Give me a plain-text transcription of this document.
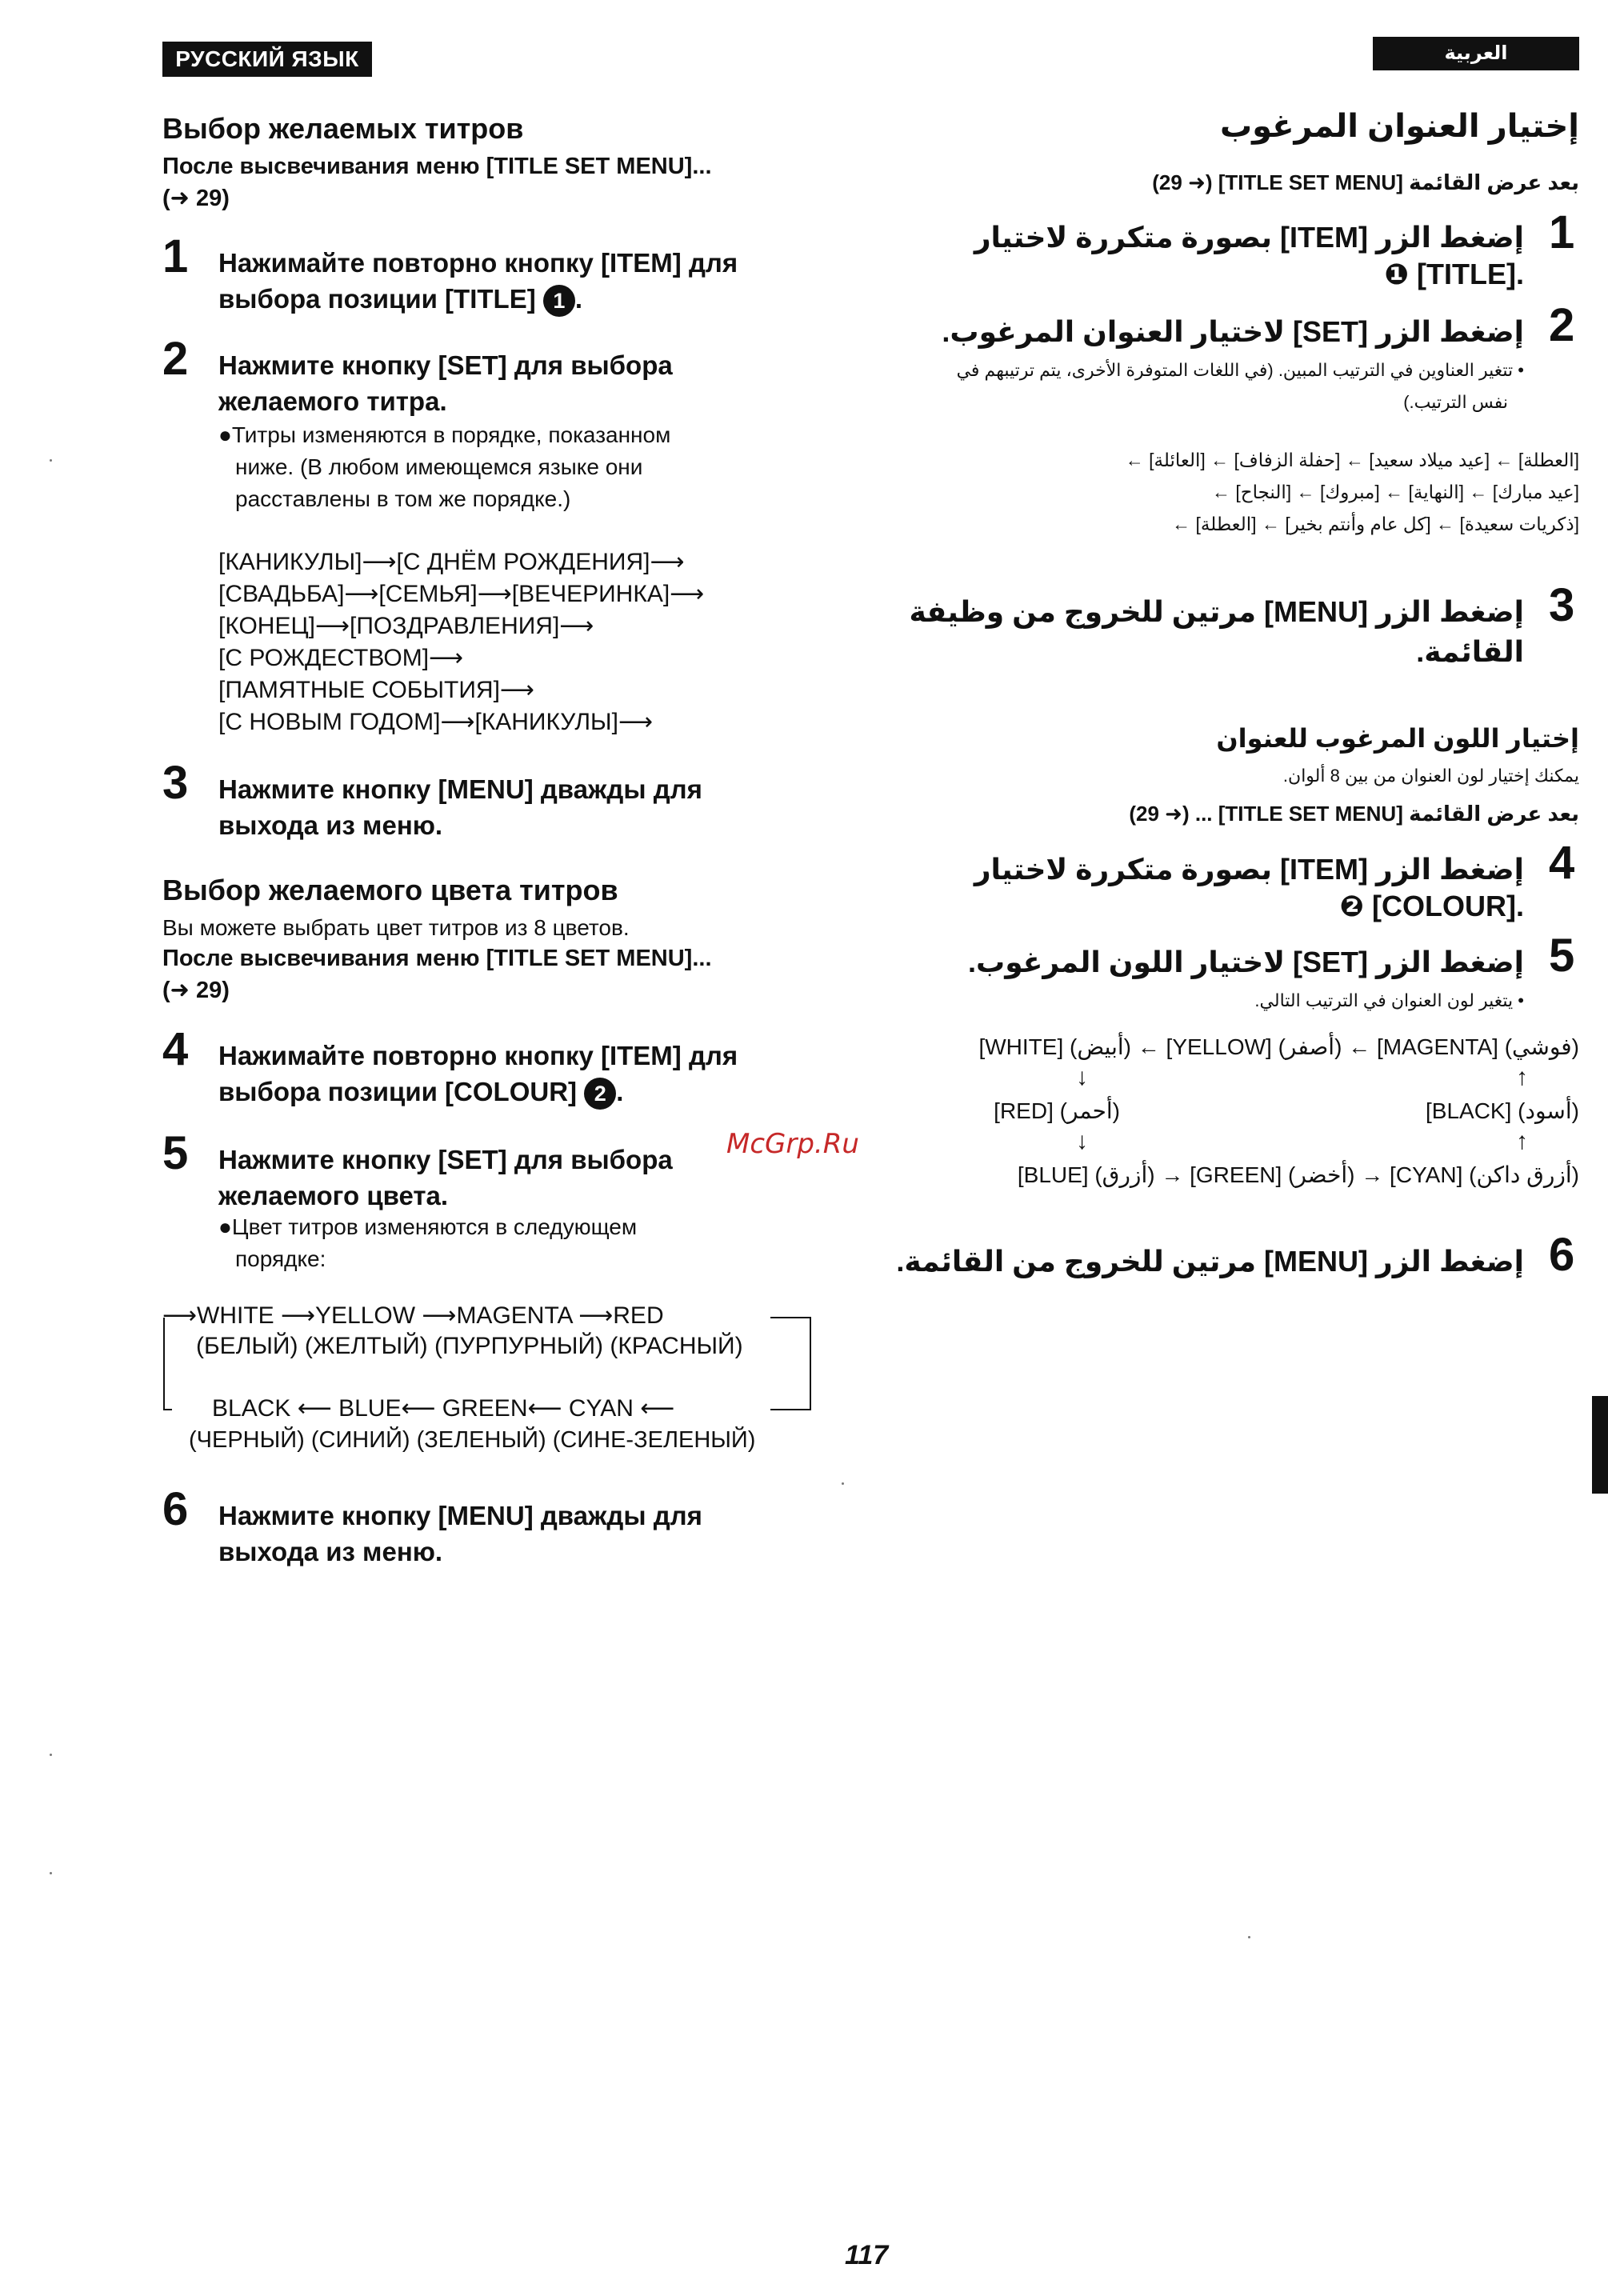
РУССКИЙ ЯЗЫК	العربية
Выбор желаемых титров
После высвечивания меню [TITLE SET MENU]...
(➜ 29)
1 Нажимайте повторно кнопку [ITEM] для
выбора позиции [TITLE] 1 .
2 Нажмите кнопку [SET] для выбора
желаемого титра.
●Титры изменяются в порядке, показанном
ниже. (В любом имеющемся языке они
расставлены в том же порядке.)
[КАНИКУЛЫ]⟶[С ДНЁМ РОЖДЕНИЯ]⟶
[СВАДЬБА]⟶[СЕМЬЯ]⟶[ВЕЧЕРИНКА]⟶
[КОНЕЦ]⟶[ПОЗДРАВЛЕНИЯ]⟶
[С РОЖДЕСТВОМ]⟶
[ПАМЯТНЫЕ СОБЫТИЯ]⟶
[С НОВЫМ ГОДОМ]⟶[КАНИКУЛЫ]⟶
3 Нажмите кнопку [MENU] дважды для
выхода из меню.
Выбор желаемого цвета титров
Вы можете выбрать цвет титров из 8 цветов.
После высвечивания меню [TITLE SET MENU]...
(➜ 29)
4 Нажимайте повторно кнопку [ITEM] для
выбора позиции [COLOUR] 2 .
5 Нажмите кнопку [SET] для выбора
желаемого цвета.
●Цвет титров изменяются в следующем
порядке:
⟶WHITE ⟶YELLOW ⟶MAGENTA ⟶RED
(БЕЛЫЙ) (ЖЕЛТЫЙ) (ПУРПУРНЫЙ) (КРАСНЫЙ)
BLACK ⟵ BLUE⟵ GREEN⟵ CYAN ⟵
(ЧЕРНЫЙ) (СИНИЙ) (ЗЕЛЕНЫЙ) (СИНЕ-ЗЕЛЕНЫЙ)
6 Нажмите кнопку [MENU] дважды для
выхода из меню.
McGrp.Ru
إختيار العنوان المرغوب
بعد عرض القائمة [TITLE SET MENU] (➜ 29)
1
إضغط الزر [ITEM] بصورة متكررة لاختيار
❶ [TITLE].
2
إضغط الزر [SET] لاختيار العنوان المرغوب.
• تتغير العناوين في الترتيب المبين. (في اللغات المتوفرة الأخرى، يتم ترتيبهم في
نفس الترتيب.)
[العطلة] ← [عيد ميلاد سعيد] ← [حفلة الزفاف] ← [العائلة] ←
[عيد مبارك] ← [النهاية] ← [مبروك] ← [النجاح] ←
[ذكريات سعيدة] ← [كل عام وأنتم بخير] ← [العطلة] ←
3
إضغط الزر [MENU] مرتين للخروج من وظيفة
القائمة.
إختيار اللون المرغوب للعنوان
يمكنك إختيار لون العنوان من بين 8 ألوان.
بعد عرض القائمة [TITLE SET MENU] ... (➜ 29)
4
إضغط الزر [ITEM] بصورة متكررة لاختيار
❷ [COLOUR].
5
إضغط الزر [SET] لاختيار اللون المرغوب.
• يتغير لون العنوان في الترتيب التالي.
(فوشي) [MAGENTA] ← (أصفر) [YELLOW] ← (أبيض) [WHITE]
↓	↑
(أحمر) [RED]	(أسود) [BLACK]
↓	↑
(أزرق داكن) [CYAN] → (أخضر) [GREEN] → (أزرق) [BLUE]
6
إضغط الزر [MENU] مرتين للخروج من القائمة.
117
